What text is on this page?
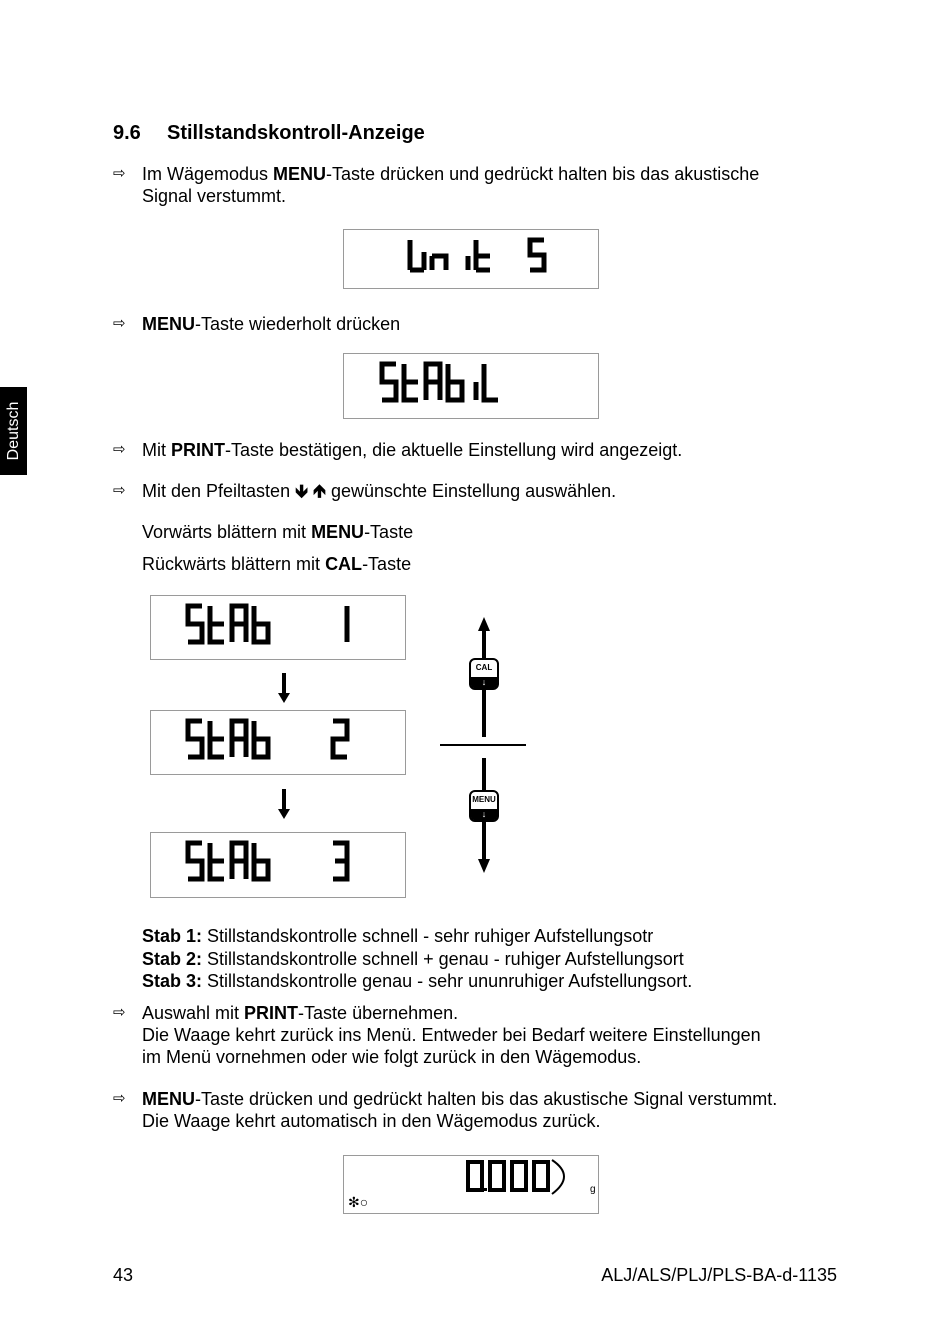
Deutsch
9.6 Stillstandskontroll-Anzeige
⇨ Im Wägemodus MENU-Taste drücken und gedrückt halten bis das akustische
Signal verstummt.
⇨ MENU-Taste wiederholt drücken
⇨ Mit PRINT-Taste bestätigen, die aktuelle Einstellung wird angezeigt.
⇨ Mit den Pfeiltasten 🡻 🡹 gewünschte Einstellung auswählen.
Vorwärts blättern mit MENU-Taste
Rückwärts blättern mit CAL-Taste
CAL
↓
MENU
↓
Stab 1: Stillstandskontrolle schnell - sehr ruhiger Aufstellungsotr
Stab 2: Stillstandskontrolle schnell + genau - ruhiger Aufstellungsort
Stab 3: Stillstandskontrolle genau - sehr ununruhiger Aufstellungsort.
⇨ Auswahl mit PRINT-Taste übernehmen.
Die Waage kehrt zurück ins Menü. Entweder bei Bedarf weitere Einstellungen
im Menü vornehmen oder wie folgt zurück in den Wägemodus.
⇨ MENU-Taste drücken und gedrückt halten bis das akustische Signal verstummt.
Die Waage kehrt automatisch in den Wägemodus zurück.
g
✻○
43	ALJ/ALS/PLJ/PLS-BA-d-1135
